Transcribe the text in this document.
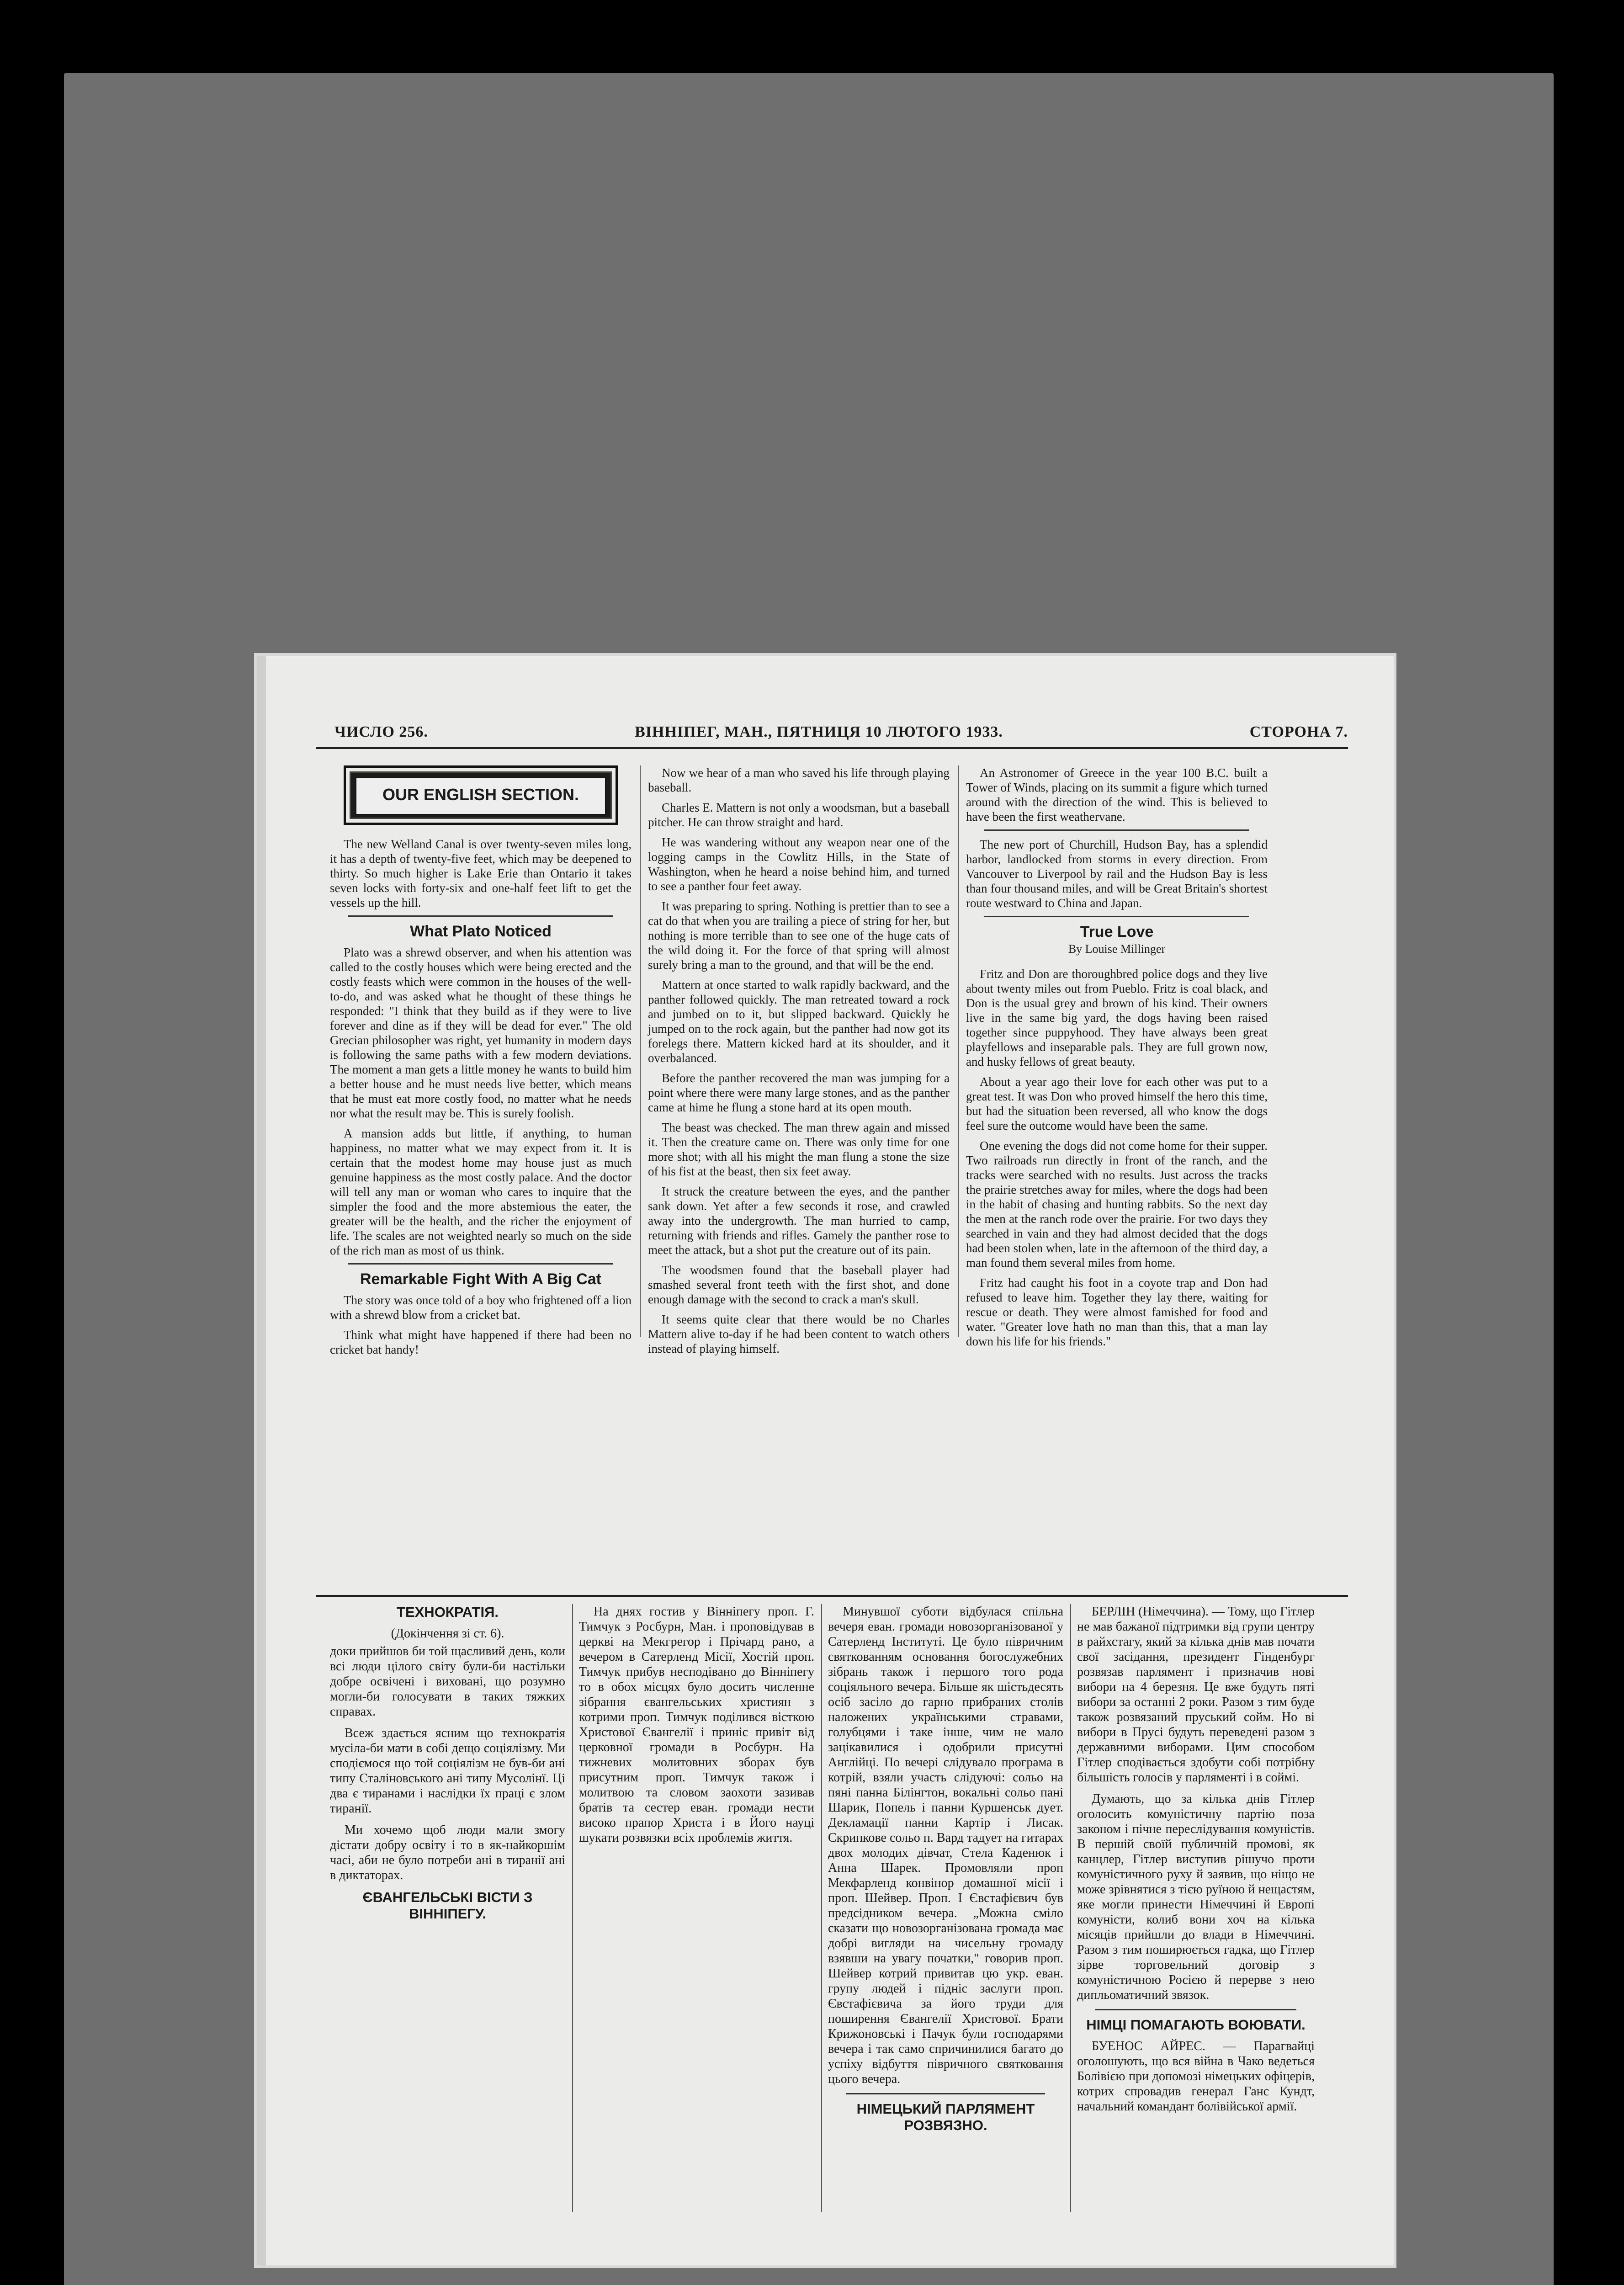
ЧИСЛО 256.	ВІННІПЕГ, МАН., ПЯТНИЦЯ 10 ЛЮТОГО 1933.	СТОРОНА 7.
OUR ENGLISH SECTION.

The new Welland Canal is over twenty-seven miles long, it has a depth of twenty-five feet, which may be deepened to thirty. So much higher is Lake Erie than Ontario it takes seven locks with forty-six and one-half feet lift to get the vessels up the hill.

What Plato Noticed

Plato was a shrewd observer, and when his attention was called to the costly houses which were being erected and the costly feasts which were common in the houses of the well-to-do, and was asked what he thought of these things he responded: "I think that they build as if they were to live forever and dine as if they will be dead for ever." The old Grecian philosopher was right, yet humanity in modern days is following the same paths with a few modern deviations. The moment a man gets a little money he wants to build him a better house and he must needs live better, which means that he must eat more costly food, no matter what he needs nor what the result may be. This is surely foolish.

A mansion adds but little, if anything, to human happiness, no matter what we may expect from it. It is certain that the modest home may house just as much genuine happiness as the most costly palace. And the doctor will tell any man or woman who cares to inquire that the simpler the food and the more abstemious the eater, the greater will be the health, and the richer the enjoyment of life. The scales are not weighted nearly so much on the side of the rich man as most of us think.

Remarkable Fight With A Big Cat

The story was once told of a boy who frightened off a lion with a shrewd blow from a cricket bat.

Think what might have happened if there had been no cricket bat handy!

Now we hear of a man who saved his life through playing baseball.

Charles E. Mattern is not only a woodsman, but a baseball pitcher. He can throw straight and hard.

He was wandering without any weapon near one of the logging camps in the Cowlitz Hills, in the State of Washington, when he heard a noise behind him, and turned to see a panther four feet away.

It was preparing to spring. Nothing is prettier than to see a cat do that when you are trailing a piece of string for her, but nothing is more terrible than to see one of the huge cats of the wild doing it. For the force of that spring will almost surely bring a man to the ground, and that will be the end.

Mattern at once started to walk rapidly backward, and the panther followed quickly. The man retreated toward a rock and jumbed on to it, but slipped backward. Quickly he jumped on to the rock again, but the panther had now got its forelegs there. Mattern kicked hard at its shoulder, and it overbalanced.

Before the panther recovered the man was jumping for a point where there were many large stones, and as the panther came at hime he flung a stone hard at its open mouth.

The beast was checked. The man threw again and missed it. Then the creature came on. There was only time for one more shot; with all his might the man flung a stone the size of his fist at the beast, then six feet away.

It struck the creature between the eyes, and the panther sank down. Yet after a few seconds it rose, and crawled away into the undergrowth. The man hurried to camp, returning with friends and rifles. Gamely the panther rose to meet the attack, but a shot put the creature out of its pain.

The woodsmen found that the baseball player had smashed several front teeth with the first shot, and done enough damage with the second to crack a man's skull.

It seems quite clear that there would be no Charles Mattern alive to-day if he had been content to watch others instead of playing himself.

An Astronomer of Greece in the year 100 B.C. built a Tower of Winds, placing on its summit a figure which turned around with the direction of the wind. This is believed to have been the first weathervane.

The new port of Churchill, Hudson Bay, has a splendid harbor, landlocked from storms in every direction. From Vancouver to Liverpool by rail and the Hudson Bay is less than four thousand miles, and will be Great Britain's shortest route westward to China and Japan.

True Love
By Louise Millinger

Fritz and Don are thoroughbred police dogs and they live about twenty miles out from Pueblo. Fritz is coal black, and Don is the usual grey and brown of his kind. Their owners live in the same big yard, the dogs having been raised together since puppyhood. They have always been great playfellows and inseparable pals. They are full grown now, and husky fellows of great beauty.

About a year ago their love for each other was put to a great test. It was Don who proved himself the hero this time, but had the situation been reversed, all who know the dogs feel sure the outcome would have been the same.

One evening the dogs did not come home for their supper. Two railroads run directly in front of the ranch, and the tracks were searched with no results. Just across the tracks the prairie stretches away for miles, where the dogs had been in the habit of chasing and hunting rabbits. So the next day the men at the ranch rode over the prairie. For two days they searched in vain and they had almost decided that the dogs had been stolen when, late in the afternoon of the third day, a man found them several miles from home.

Fritz had caught his foot in a coyote trap and Don had refused to leave him. Together they lay there, waiting for rescue or death. They were almost famished for food and water. "Greater love hath no man than this, that a man lay down his life for his friends."

ТЕХНОКРАТІЯ.
(Докінчення зі ст. 6).

доки прийшов би той щасливий день, коли всі люди цілого світу були-би настільки добре освічені і виховані, що розумно могли-би голосувати в таких тяжких справах.

Всеж здається ясним що технократія мусіла-би мати в собі дещо соціялізму. Ми сподіємося що той соціялізм не був-би ані типу Сталіновського ані типу Мусолінї. Ці два є тиранами і наслідки їх праці є злом тиранії.

Ми хочемо щоб люди мали змогу дістати добру освіту і то в як-найкоршім часі, аби не було потреби ані в тиранії ані в диктаторах.

ЄВАНГЕЛЬСЬКІ ВІСТИ З ВІННІПЕГУ.

На днях гостив у Вінніпегу проп. Г. Тимчук з Росбурн, Ман. і проповідував в церкві на Мекгрегор і Прічард рано, а вечером в Сатерленд Місії, Хостій проп. Тимчук прибув несподівано до Вінніпегу то в обох місцях було досить численне зібрання євангельських християн з котрими проп. Тимчук поділився вісткою Христової Євангелії і приніс привіт від церковної громади в Росбурн. На тижневих молитовних зборах був присутним проп. Тимчук також і молитвою та словом заохоти зазивав братів та сестер еван. громади нести високо прапор Христа і в Його науці шукати розвязки всіх проблемів життя.

Минувшої суботи відбулася спільна вечеря еван. громади новозорганізованої у Сатерленд Інституті. Це було півричним святкованням основання богослужебних зібрань також і першого того рода соціяльного вечера. Більше як шістьдесять осіб засіло до гарно прибраних столів наложених українськими стравами, голубцями і таке інше, чим не мало зацікавилися і одобрили присутні Англійці. По вечері слідувало програма в котрій, взяли участь слідуючі: сольо на пяні панна Білінгтон, вокальні сольо пані Шарик, Попель і панни Куршенськ дует. Декламації панни Картір і Лисак. Скрипкове сольо п. Вард тадует на гитарах двох молодих дівчат, Стела Каденюк і Анна Шарек. Промовляли проп Мекфарленд конвінор домашної місії і проп. Шейвер. Проп. І Євстафієвич був предсідником вечера. „Можна сміло сказати що новозорганізована громада має добрі вигляди на чисельну громаду взявши на увагу початки," говорив проп. Шейвер котрий привитав цю укр. еван. групу людей і підніс заслуги проп. Євстафієвича за його труди для поширення Євангелії Христової. Брати Крижоновські і Пачук були господарями вечера і так само спричинилися багато до успіху відбуття півричного святковання цього вечера.

НІМЕЦЬКИЙ ПАРЛЯМЕНТ РОЗВЯЗНО.

БЕРЛІН (Німеччина). — Тому, що Гітлер не мав бажаної підтримки від групи центру в райхстагу, який за кілька днів мав почати свої засідання, президент Гінденбург розвязав парлямент і призначив нові вибори на 4 березня. Це вже будуть пяті вибори за останні 2 роки. Разом з тим буде також розвязаний пруський сойм. Но ві вибори в Прусі будуть переведені разом з державними виборами. Цим способом Гітлер сподівається здобути собі потрібну більшість голосів у парляменті і в соймі.

Думають, що за кілька днів Гітлер оголосить комуністичну партію поза законом і пічне переслідування комуністів. В першій своїй публичній промові, як канцлер, Гітлер виступив рішучо проти комуністичного руху й заявив, що ніщо не може зрівнятися з тією руїною й нещастям, яке могли принести Німеччині й Европі комуністи, колиб вони хоч на кілька місяців прийшли до влади в Німеччині. Разом з тим поширюється гадка, що Гітлер зірве торговельний договір з комуністичною Росією й перерве з нею дипльоматичний звязок.

НІМЦІ ПОМАГАЮТЬ ВОЮВАТИ.

БУЕНОС АЙРЕС. — Парагвайці оголошують, що вся війна в Чако ведеться Болівією при допомозі німецьких офіцерів, котрих спровадив генерал Ганс Кундт, начальний командант болівійської армії.
